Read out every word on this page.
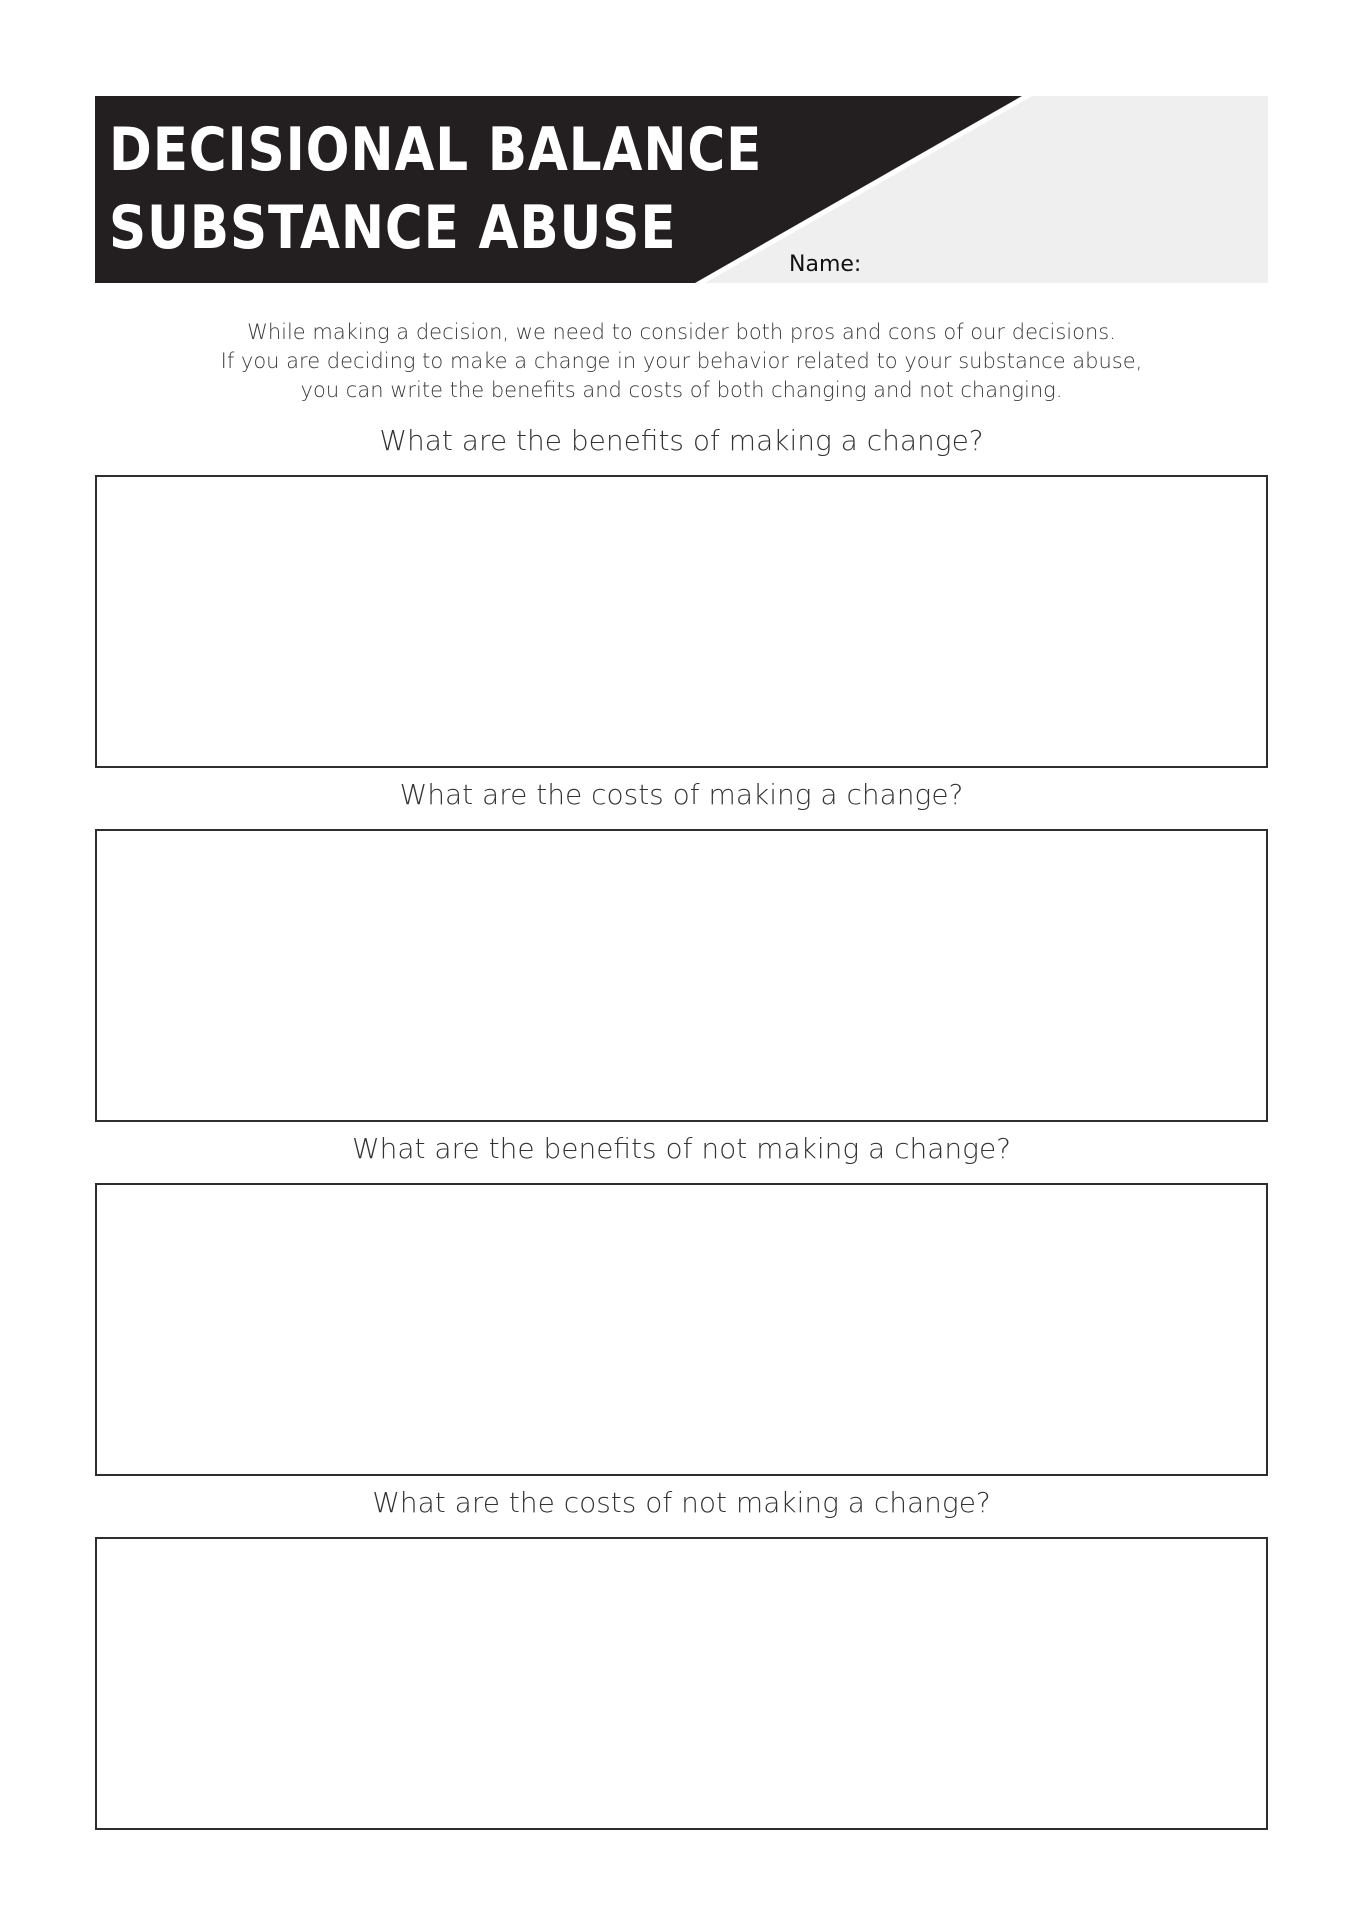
DECISIONAL BALANCE
SUBSTANCE ABUSE
Name:
While making a decision, we need to consider both pros and cons of our decisions.
If you are deciding to make a change in your behavior related to your substance abuse,
you can write the benefits and costs of both changing and not changing.
What are the benefits of making a change?
What are the costs of making a change?
What are the benefits of not making a change?
What are the costs of not making a change?
